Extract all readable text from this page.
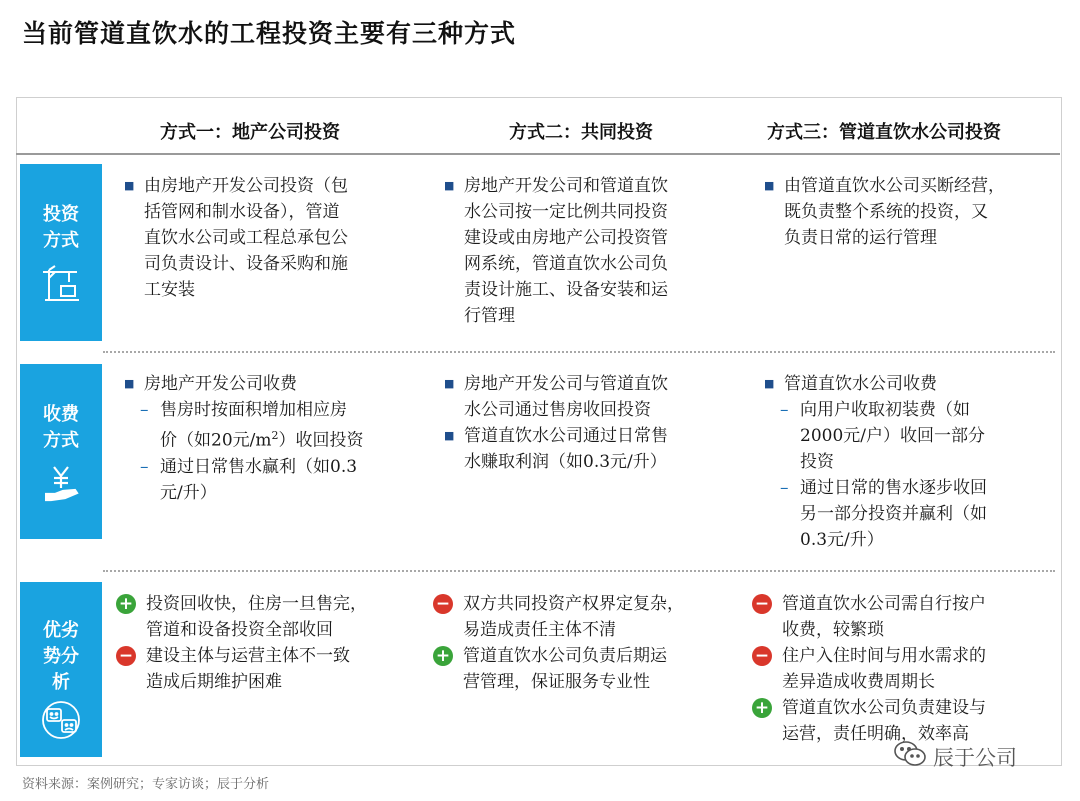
当前管道直饮水的工程投资主要有三种方式
方式一：地产公司投资	方式二：共同投资	方式三：管道直饮水公司投资
投资
方式
收费
方式
优劣
势分
析
■ 由房地产开发公司投资（包
括管网和制水设备），管道
直饮水公司或工程总承包公
司负责设计、设备采购和施
工安装
■ 房地产开发公司和管道直饮
水公司按一定比例共同投资
建设或由房地产公司投资管
网系统，管道直饮水公司负
责设计施工、设备安装和运
行管理
■ 由管道直饮水公司买断经营，
既负责整个系统的投资，又
负责日常的运行管理
■ 房地产开发公司收费
– 售房时按面积增加相应房
价（如20元$/m^2$）收回投资
– 通过日常售水赢利（如0.3
元/升）
■ 房地产开发公司与管道直饮
水公司通过售房收回投资
■ 管道直饮水公司通过日常售
水赚取利润（如0.3元/升）
■ 管道直饮水公司收费
– 向用户收取初装费（如
2000元/户）收回一部分
投资
– 通过日常的售水逐步收回
另一部分投资并赢利（如
0.3元/升）
+ 投资回收快，住房一旦售完，
管道和设备投资全部收回
− 建设主体与运营主体不一致
造成后期维护困难
− 双方共同投资产权界定复杂，
易造成责任主体不清
+ 管道直饮水公司负责后期运
营管理，保证服务专业性
− 管道直饮水公司需自行按户
收费，较繁琐
− 住户入住时间与用水需求的
差异造成收费周期长
+ 管道直饮水公司负责建设与
运营，责任明确，效率高
资料来源：案例研究；专家访谈；辰于分析
辰于公司
